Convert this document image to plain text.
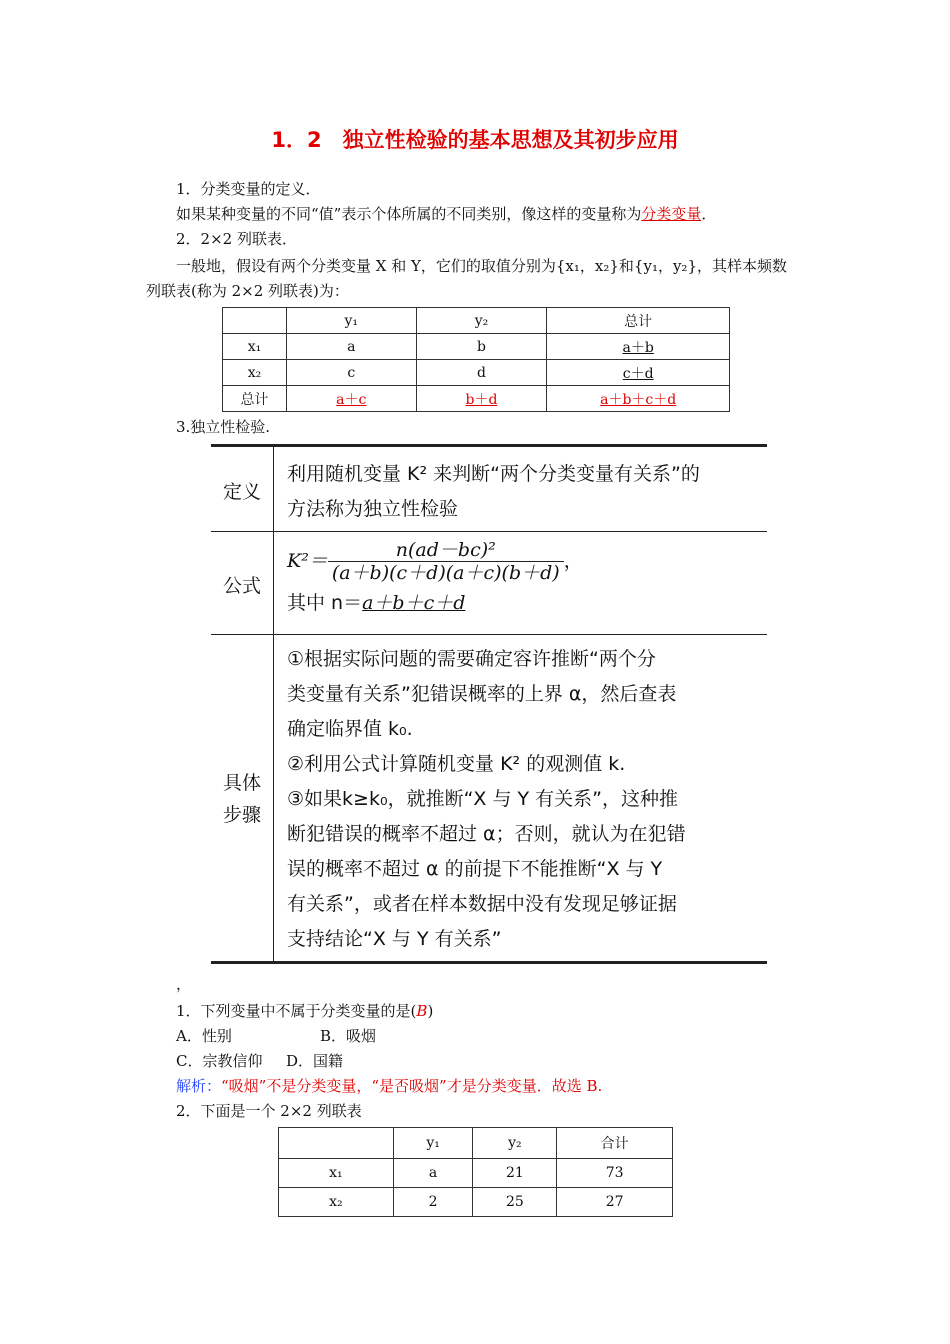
1．2　独立性检验的基本思想及其初步应用
1．分类变量的定义．
如果某种变量的不同“值”表示个体所属的不同类别，像这样的变量称为分类变量．
2．2×2 列联表．
一般地，假设有两个分类变量 X 和 Y，它们的取值分别为{x₁，x₂}和{y₁，y₂}，其样本频数
列联表(称为 2×2 列联表)为：
	y₁	y₂	总计
x₁	a	b	a＋b
x₂	c	d	c＋d
总计	a＋c	b＋d	a＋b＋c＋d
3.独立性检验.
定义
利用随机变量 K² 来判断“两个分类变量有关系”的
方法称为独立性检验
公式
$K^2= \frac{\text{n(ad－bc)²}}{(a+b)(c+d)(a+c)(b+d)}$ ，
其中 n＝a＋b＋c＋d
具体
步骤
①根据实际问题的需要确定容许推断“两个分
类变量有关系”犯错误概率的上界 α，然后查表
确定临界值 k₀.
②利用公式计算随机变量 K² 的观测值 k.
③如果k≥k₀，就推断“X 与 Y 有关系”，这种推
断犯错误的概率不超过 α；否则，就认为在犯错
误的概率不超过 α 的前提下不能推断“X 与 Y
有关系”，或者在样本数据中没有发现足够证据
支持结论“X 与 Y 有关系”
，
1．下列变量中不属于分类变量的是(B)
A．性别	B．吸烟
C．宗教信仰 D．国籍
解析：“吸烟”不是分类变量，“是否吸烟”才是分类变量．故选 B.
2．下面是一个 2×2 列联表
	y₁	y₂	合计
x₁	a	21	73
x₂	2	25	27
